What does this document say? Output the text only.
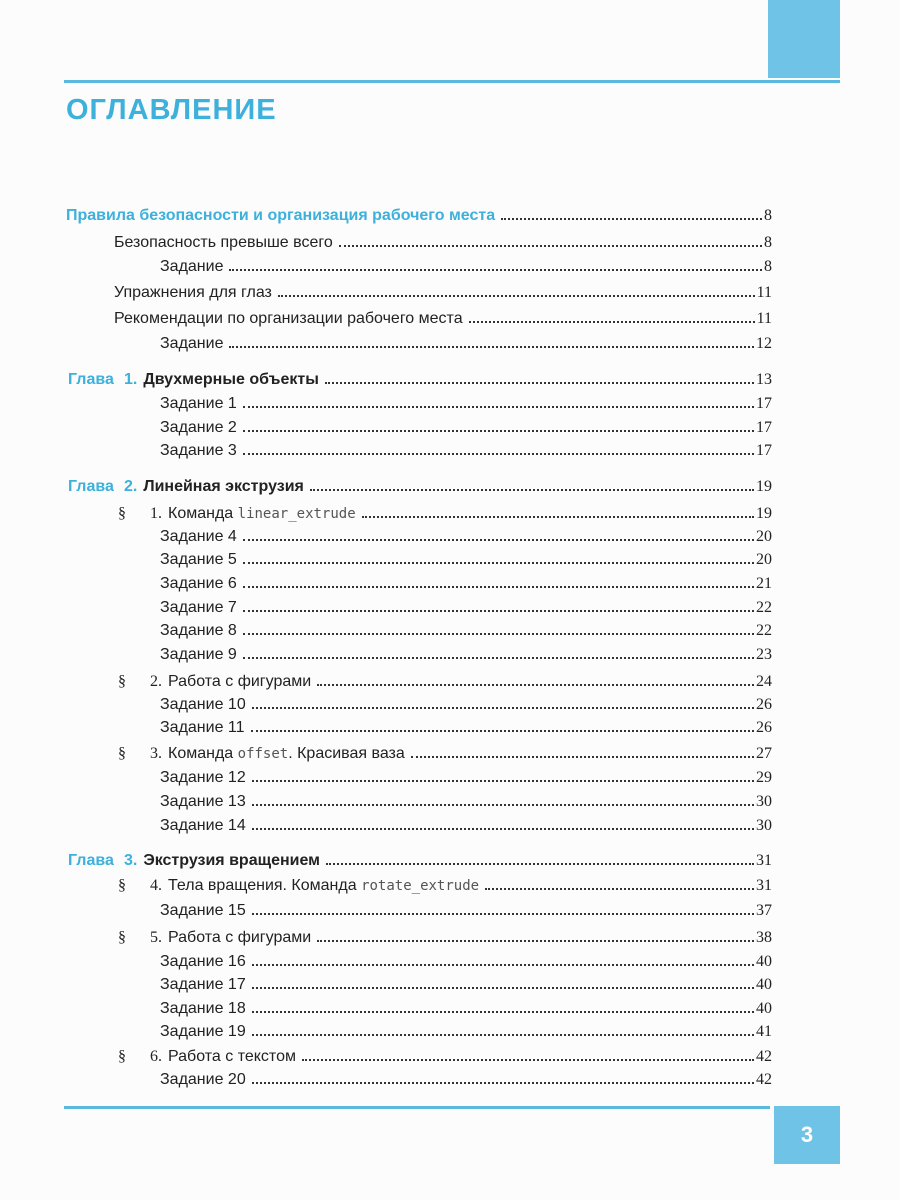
ОГЛАВЛЕНИЕ
Правила безопасности и организация рабочего места	8
Безопасность превыше всего	8
Задание	8
Упражнения для глаз	11
Рекомендации по организации рабочего места	11
Задание	12
Глава 1. Двухмерные объекты	13
Задание 1	17
Задание 2	17
Задание 3	17
Глава 2. Линейная экструзия	19
§	1. Команда linear_extrude	19
Задание 4	20
Задание 5	20
Задание 6	21
Задание 7	22
Задание 8	22
Задание 9	23
§	2. Работа с фигурами	24
Задание 10	26
Задание 11	26
§	3. Команда offset . Красивая ваза	27
Задание 12	29
Задание 13	30
Задание 14	30
Глава 3. Экструзия вращением	31
§	4. Тела вращения. Команда rotate_extrude	31
Задание 15	37
§	5. Работа с фигурами	38
Задание 16	40
Задание 17	40
Задание 18	40
Задание 19	41
§	6. Работа с текстом	42
Задание 20	42
3
